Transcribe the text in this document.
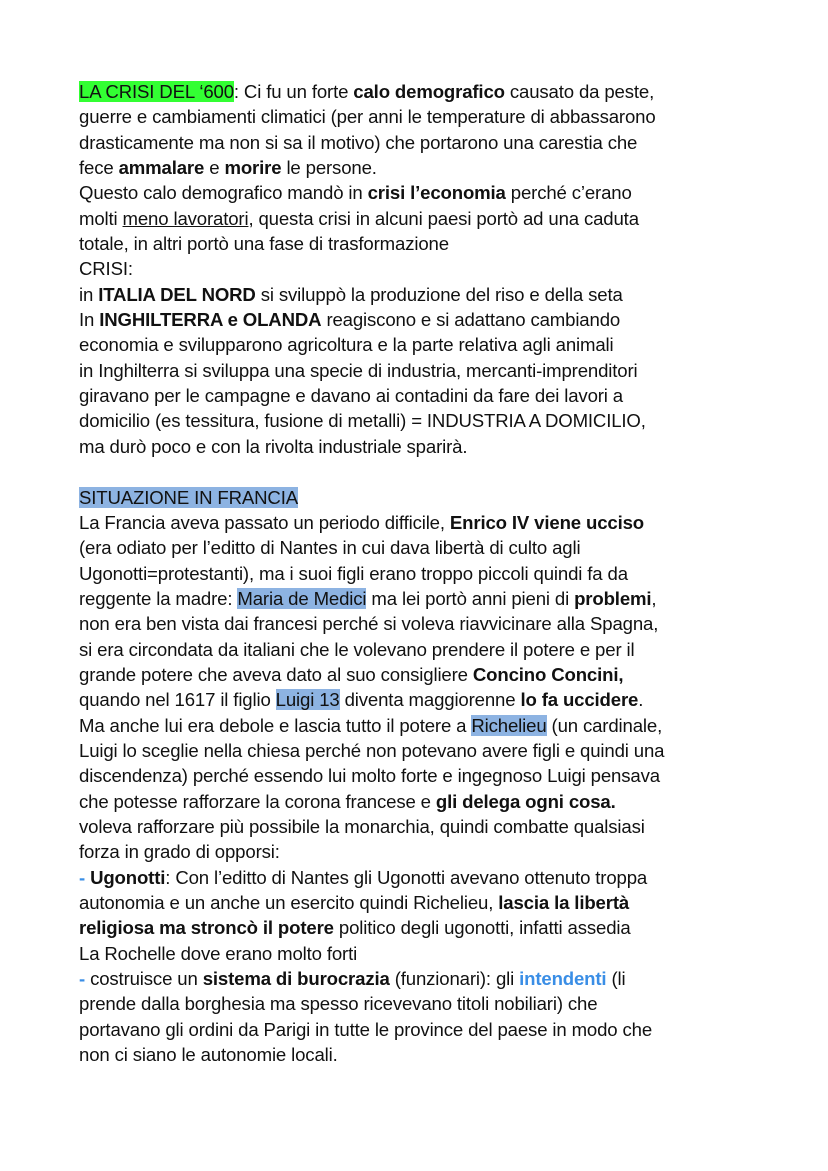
LA CRISI DEL ‘600: Ci fu un forte calo demografico causato da peste,
guerre e cambiamenti climatici (per anni le temperature di abbassarono
drasticamente ma non si sa il motivo) che portarono una carestia che
fece ammalare e morire le persone.
Questo calo demografico mandò in crisi l’economia perché c’erano
molti meno lavoratori, questa crisi in alcuni paesi portò ad una caduta
totale, in altri portò una fase di trasformazione
CRISI:
in ITALIA DEL NORD si sviluppò la produzione del riso e della seta
In INGHILTERRA e OLANDA reagiscono e si adattano cambiando
economia e svilupparono agricoltura e la parte relativa agli animali
in Inghilterra si sviluppa una specie di industria, mercanti-imprenditori
giravano per le campagne e davano ai contadini da fare dei lavori a
domicilio (es tessitura, fusione di metalli) = INDUSTRIA A DOMICILIO,
ma durò poco e con la rivolta industriale sparirà.
SITUAZIONE IN FRANCIA
La Francia aveva passato un periodo difficile, Enrico IV viene ucciso
(era odiato per l’editto di Nantes in cui dava libertà di culto agli
Ugonotti=protestanti), ma i suoi figli erano troppo piccoli quindi fa da
reggente la madre: Maria de Medici ma lei portò anni pieni di problemi,
non era ben vista dai francesi perché si voleva riavvicinare alla Spagna,
si era circondata da italiani che le volevano prendere il potere e per il
grande potere che aveva dato al suo consigliere Concino Concini,
quando nel 1617 il figlio Luigi 13 diventa maggiorenne lo fa uccidere.
Ma anche lui era debole e lascia tutto il potere a Richelieu (un cardinale,
Luigi lo sceglie nella chiesa perché non potevano avere figli e quindi una
discendenza) perché essendo lui molto forte e ingegnoso Luigi pensava
che potesse rafforzare la corona francese e gli delega ogni cosa.
voleva rafforzare più possibile la monarchia, quindi combatte qualsiasi
forza in grado di opporsi:
- Ugonotti: Con l’editto di Nantes gli Ugonotti avevano ottenuto troppa
autonomia e un anche un esercito quindi Richelieu, lascia la libertà
religiosa ma stroncò il potere politico degli ugonotti, infatti assedia
La Rochelle dove erano molto forti
- costruisce un sistema di burocrazia (funzionari): gli intendenti (li
prende dalla borghesia ma spesso ricevevano titoli nobiliari) che
portavano gli ordini da Parigi in tutte le province del paese in modo che
non ci siano le autonomie locali.
